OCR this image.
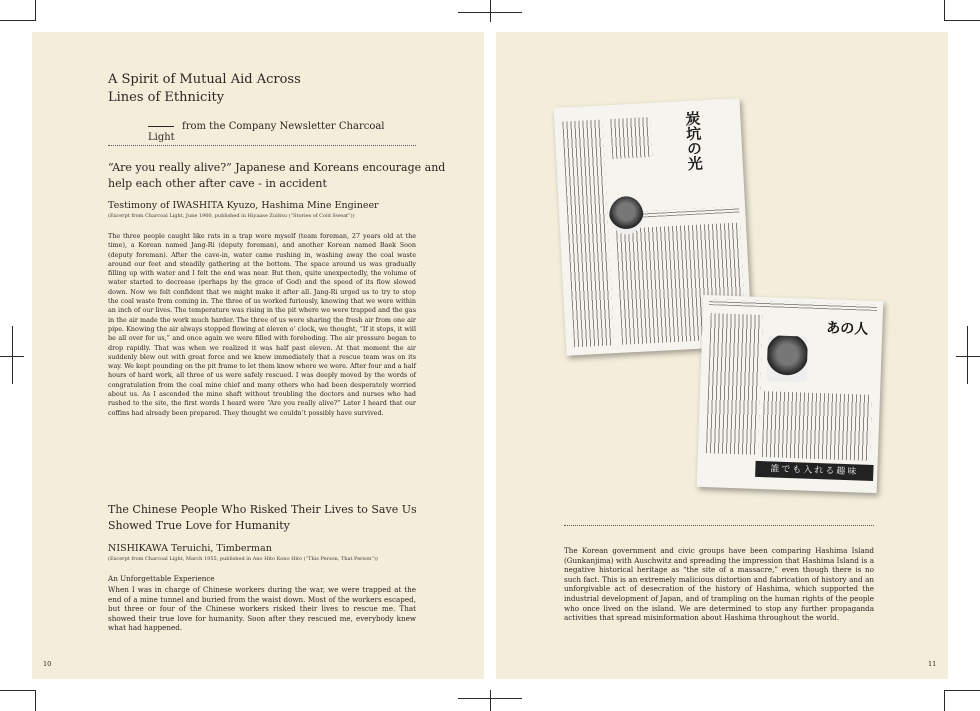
A Spirit of Mutual Aid Across
Lines of Ethnicity
from the Company Newsletter Charcoal Light
“Are you really alive?” Japanese and Koreans encourage and
help each other after cave - in accident
Testimony of IWASHITA Kyuzo, Hashima Mine Engineer
(Excerpt from Charcoal Light, June 1960, published in Hiyaase Zuiitsu (“Stories of Cold Sweat”))

The three people caught like rats in a trap were myself (team foreman, 27 years old at the time), a Korean named Jang-Ri (deputy foreman), and another Korean named Baek Soon (deputy foreman). After the cave-in, water came rushing in, washing away the coal waste around our feet and steadily gathering at the bottom. The space around us was gradually filling up with water and I felt the end was near. But then, quite unexpectedly, the volume of water started to decrease (perhaps by the grace of God) and the speed of its flow slowed down. Now we felt confident that we might make it after all. Jang-Ri urged us to try to stop the coal waste from coming in. The three of us worked furiously, knowing that we were within an inch of our lives. The temperature was rising in the pit where we were trapped and the gas in the air made the work much harder. The three of us were sharing the fresh air from one air pipe. Knowing the air always stopped flowing at eleven o’ clock, we thought, “If it stops, it will be all over for us,” and once again we were filled with foreboding. The air pressure began to drop rapidly. That was when we realized it was half past eleven. At that moment the air suddenly blew out with great force and we knew immediately that a rescue team was on its way. We kept pounding on the pit frame to let them know where we were. After four and a half hours of hard work, all three of us were safely rescued. I was deeply moved by the words of congratulation from the coal mine chief and many others who had been desperately worried about us. As I ascended the mine shaft without troubling the doctors and nurses who had rushed to the site, the first words I heard were “Are you really alive?” Later I heard that our coffins had already been prepared. They thought we couldn’t possibly have survived.

The Chinese People Who Risked Their Lives to Save Us
Showed True Love for Humanity
NISHIKAWA Teruichi, Timberman
(Excerpt from Charcoal Light, March 1955, published in Ano Hito Kono Hito (“This Person, That Person”))
An Unforgettable Experience

When I was in charge of Chinese workers during the war, we were trapped at the end of a mine tunnel and buried from the waist down. Most of the workers escaped, but three or four of the Chinese workers risked their lives to rescue me. That showed their true love for humanity. Soon after they rescued me, everybody knew what had happened.

10
炭坑の光
あの人
誰でも入れる趣味

The Korean government and civic groups have been comparing Hashima Island (Gunkanjima) with Auschwitz and spreading the impression that Hashima Island is a negative historical heritage as “the site of a massacre,” even though there is no such fact. This is an extremely malicious distortion and fabrication of history and an unforgivable act of desecration of the history of Hashima, which supported the industrial development of Japan, and of trampling on the human rights of the people who once lived on the island. We are determined to stop any further propaganda activities that spread misinformation about Hashima throughout the world.

11
